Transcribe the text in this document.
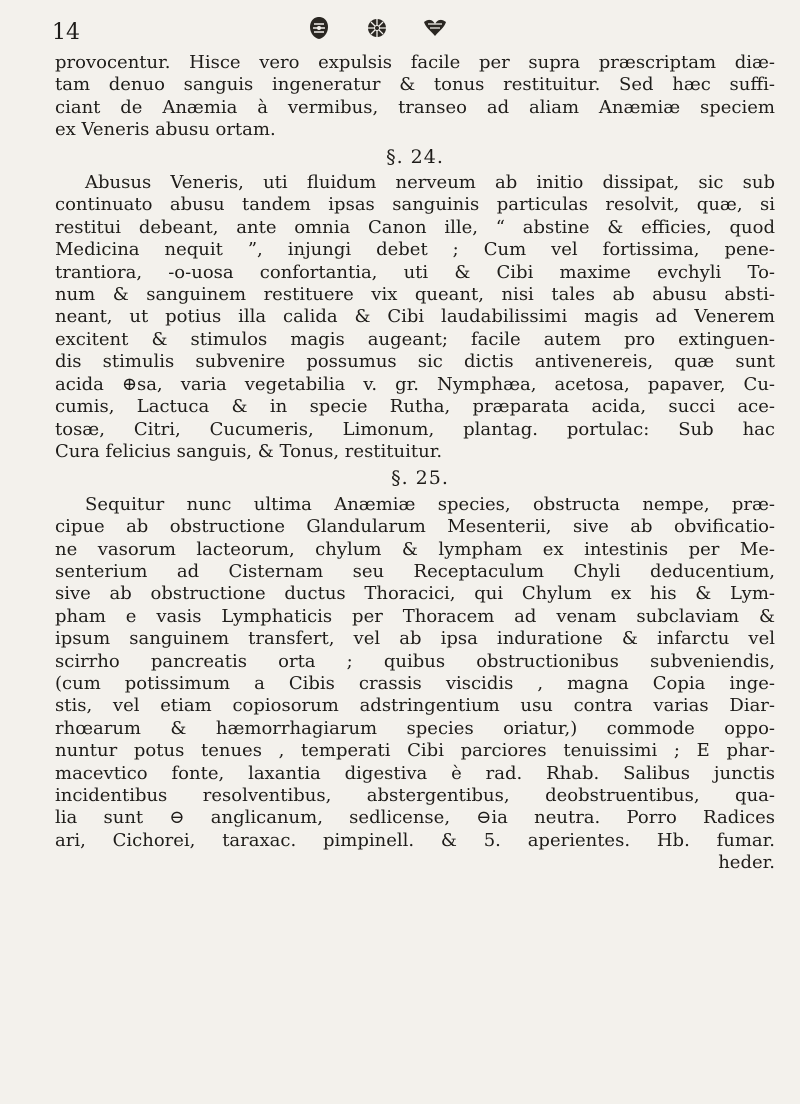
14
provocentur. Hisce vero expulsis facile per supra præscriptam diæ-
tam denuo sanguis ingeneratur & tonus restituitur. Sed hæc suffi-
ciant de Anæmia à vermibus, transeo ad aliam Anæmiæ speciem
ex Veneris abusu ortam.
§. 24.
Abusus Veneris, uti fluidum nerveum ab initio dissipat, sic sub
continuato abusu tandem ipsas sanguinis particulas resolvit, quæ, si
restitui debeant, ante omnia Canon ille, “ abstine & efficies, quod
Medicina nequit ”, injungi debet ; Cum vel fortissima, pene-
trantiora, -o-uosa confortantia, uti & Cibi maxime evchyli To-
num & sanguinem restituere vix queant, nisi tales ab abusu absti-
neant, ut potius illa calida & Cibi laudabilissimi magis ad Venerem
excitent & stimulos magis augeant; facile autem pro extinguen-
dis stimulis subvenire possumus sic dictis antivenereis, quæ sunt
acida ⊕sa, varia vegetabilia v. gr. Nymphæa, acetosa, papaver, Cu-
cumis, Lactuca & in specie Rutha, præparata acida, succi ace-
tosæ, Citri, Cucumeris, Limonum, plantag. portulac: Sub hac
Cura felicius sanguis, & Tonus, restituitur.
§. 25.
Sequitur nunc ultima Anæmiæ species, obstructa nempe, præ-
cipue ab obstructione Glandularum Mesenterii, sive ab obvificatio-
ne vasorum lacteorum, chylum & lympham ex intestinis per Me-
senterium ad Cisternam seu Receptaculum Chyli deducentium,
sive ab obstructione ductus Thoracici, qui Chylum ex his & Lym-
pham e vasis Lymphaticis per Thoracem ad venam subclaviam &
ipsum sanguinem transfert, vel ab ipsa induratione & infarctu vel
scirrho pancreatis orta ; quibus obstructionibus subveniendis,
(cum potissimum a Cibis crassis viscidis , magna Copia inge-
stis, vel etiam copiosorum adstringentium usu contra varias Diar-
rhœarum & hæmorrhagiarum species oriatur,) commode oppo-
nuntur potus tenues , temperati Cibi parciores tenuissimi ; E phar-
macevtico fonte, laxantia digestiva è rad. Rhab. Salibus junctis
incidentibus resolventibus, abstergentibus, deobstruentibus, qua-
lia sunt ⊖ anglicanum, sedlicense, ⊖ia neutra. Porro Radices
ari, Cichorei, taraxac. pimpinell. & 5. aperientes. Hb. fumar.
heder.
